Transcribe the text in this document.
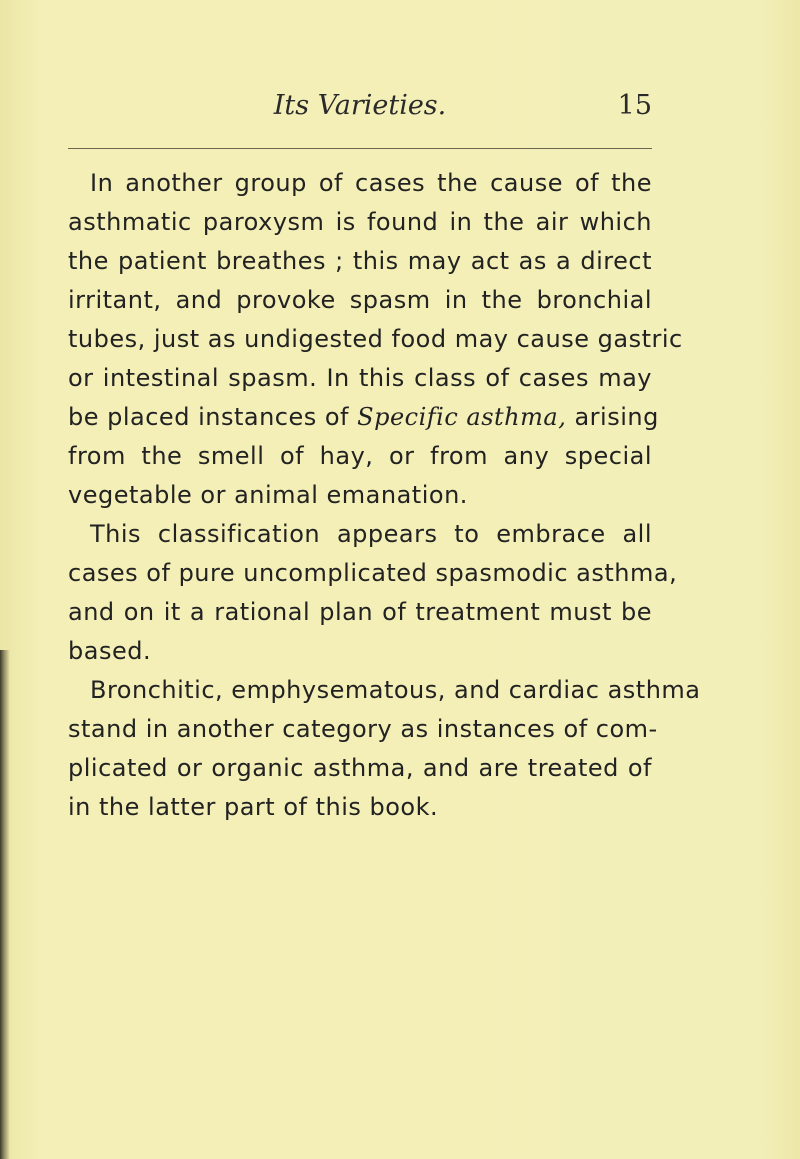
Its Varieties.	15
In another group of cases the cause of the
asthmatic paroxysm is found in the air which
the patient breathes ; this may act as a direct
irritant, and provoke spasm in the bronchial
tubes, just as undigested food may cause gastric
or intestinal spasm. In this class of cases may
be placed instances of Specific asthma, arising
from the smell of hay, or from any special
vegetable or animal emanation.
This classification appears to embrace all
cases of pure uncomplicated spasmodic asthma,
and on it a rational plan of treatment must be
based.
Bronchitic, emphysematous, and cardiac asthma
stand in another category as instances of com-
plicated or organic asthma, and are treated of
in the latter part of this book.
